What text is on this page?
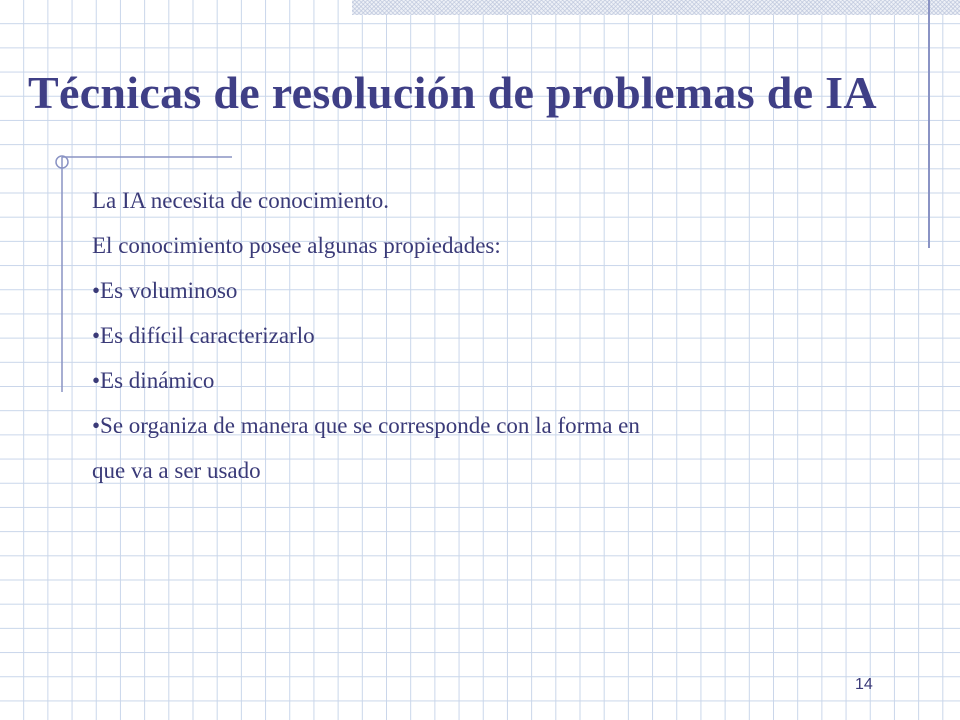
Técnicas de resolución de problemas de IA
La IA necesita de conocimiento.
El conocimiento posee algunas propiedades:
•Es voluminoso
•Es difícil caracterizarlo
•Es dinámico
•Se organiza de manera que se corresponde con la forma en
que va a ser usado
14
